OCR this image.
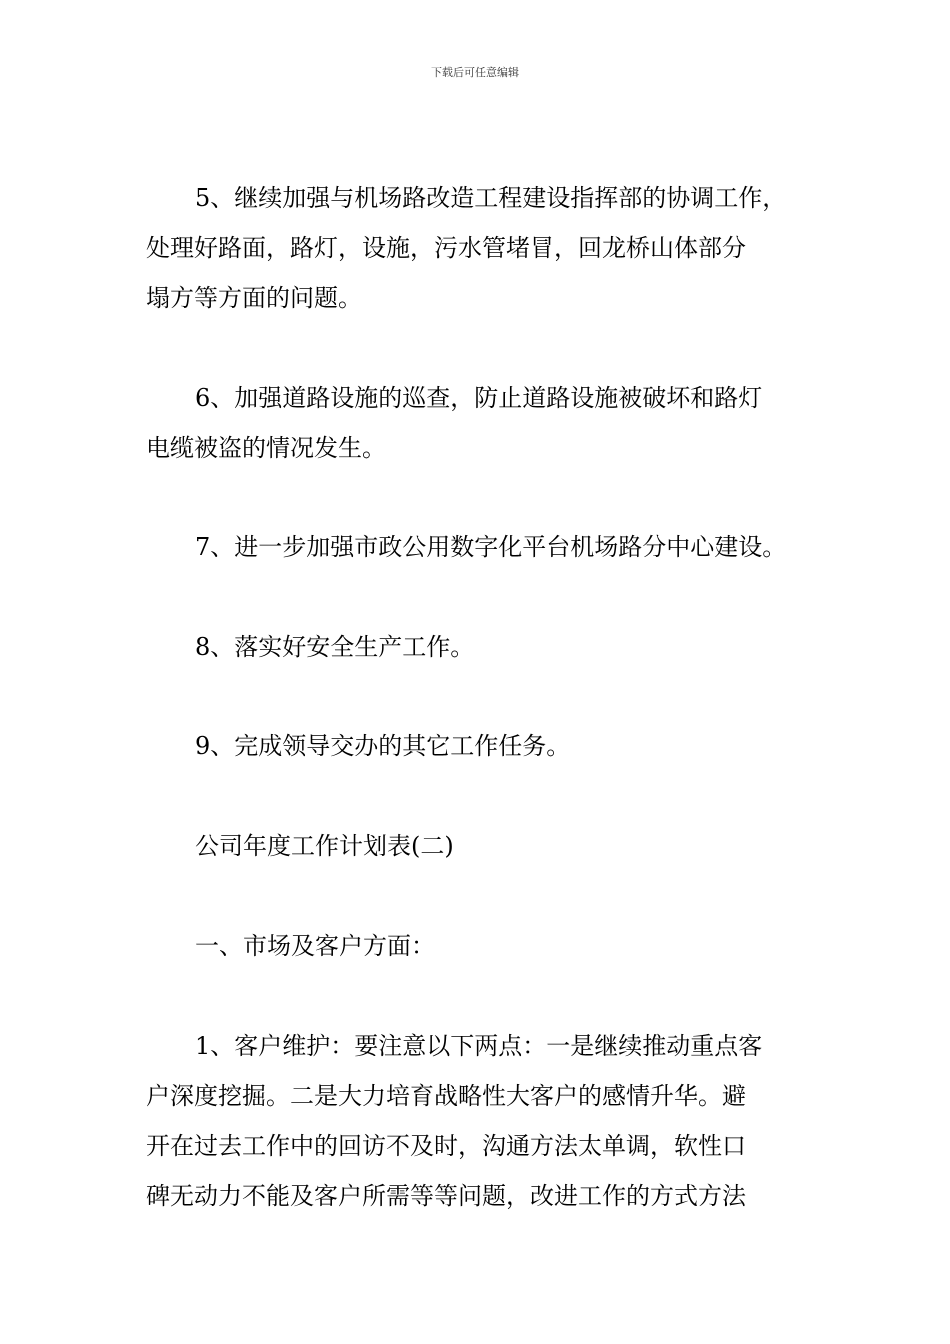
下载后可任意编辑

5、继续加强与机场路改造工程建设指挥部的协调工作，
处理好路面，路灯，设施，污水管堵冒，回龙桥山体部分
塌方等方面的问题。

6、加强道路设施的巡查，防止道路设施被破坏和路灯
电缆被盗的情况发生。

7、进一步加强市政公用数字化平台机场路分中心建设。

8、落实好安全生产工作。

9、完成领导交办的其它工作任务。

公司年度工作计划表(二)

一、市场及客户方面：

1、客户维护：要注意以下两点：一是继续推动重点客
户深度挖掘。二是大力培育战略性大客户的感情升华。避
开在过去工作中的回访不及时，沟通方法太单调，软性口
碑无动力不能及客户所需等等问题，改进工作的方式方法
